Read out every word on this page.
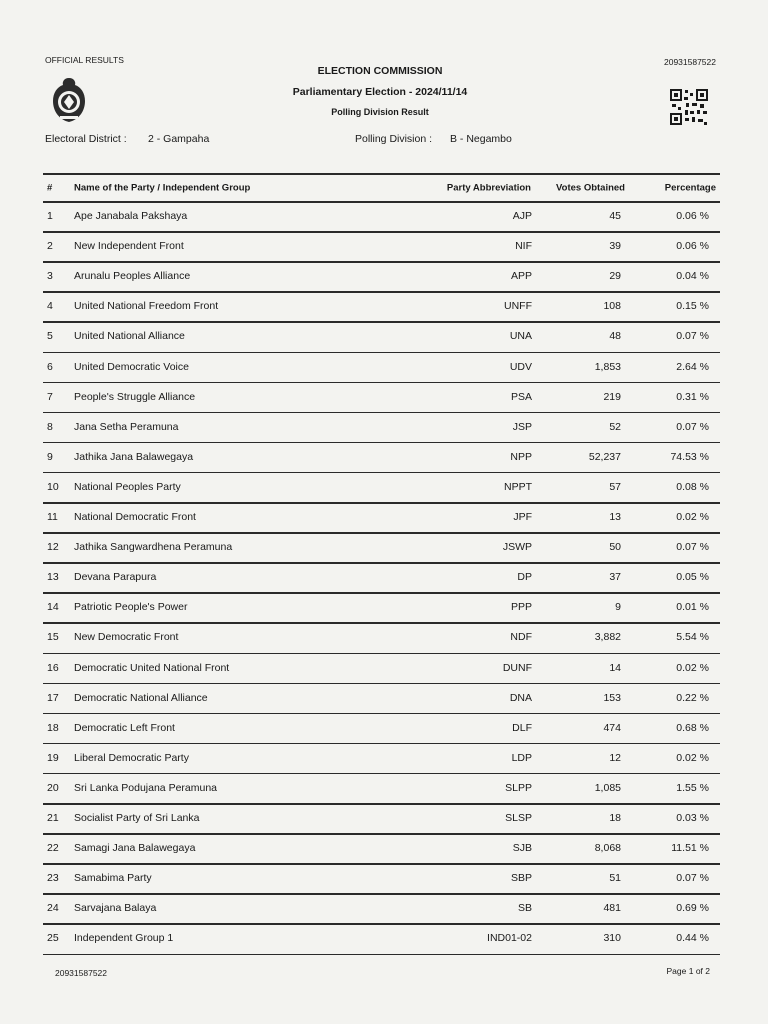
OFFICIAL RESULTS	20931587522
ELECTION COMMISSION
Parliamentary Election - 2024/11/14
Polling Division Result
Electoral District : 2 - Gampaha	Polling Division : B - Negambo
# Name of the Party / Independent Group	Party Abbreviation	Votes Obtained	Percentage
1 Ape Janabala Pakshaya	AJP	45	0.06 %
2 New Independent Front	NIF	39	0.06 %
3 Arunalu Peoples Alliance	APP	29	0.04 %
4 United National Freedom Front	UNFF	108	0.15 %
5 United National Alliance	UNA	48	0.07 %
6 United Democratic Voice	UDV	1,853	2.64 %
7 People's Struggle Alliance	PSA	219	0.31 %
8 Jana Setha Peramuna	JSP	52	0.07 %
9 Jathika Jana Balawegaya	NPP	52,237	74.53 %
10 National Peoples Party	NPPT	57	0.08 %
11 National Democratic Front	JPF	13	0.02 %
12 Jathika Sangwardhena Peramuna	JSWP	50	0.07 %
13 Devana Parapura	DP	37	0.05 %
14 Patriotic People's Power	PPP	9	0.01 %
15 New Democratic Front	NDF	3,882	5.54 %
16 Democratic United National Front	DUNF	14	0.02 %
17 Democratic National Alliance	DNA	153	0.22 %
18 Democratic Left Front	DLF	474	0.68 %
19 Liberal Democratic Party	LDP	12	0.02 %
20 Sri Lanka Podujana Peramuna	SLPP	1,085	1.55 %
21 Socialist Party of Sri Lanka	SLSP	18	0.03 %
22 Samagi Jana Balawegaya	SJB	8,068	11.51 %
23 Samabima Party	SBP	51	0.07 %
24 Sarvajana Balaya	SB	481	0.69 %
25 Independent Group 1	IND01-02	310	0.44 %
20931587522	Page 1 of 2
